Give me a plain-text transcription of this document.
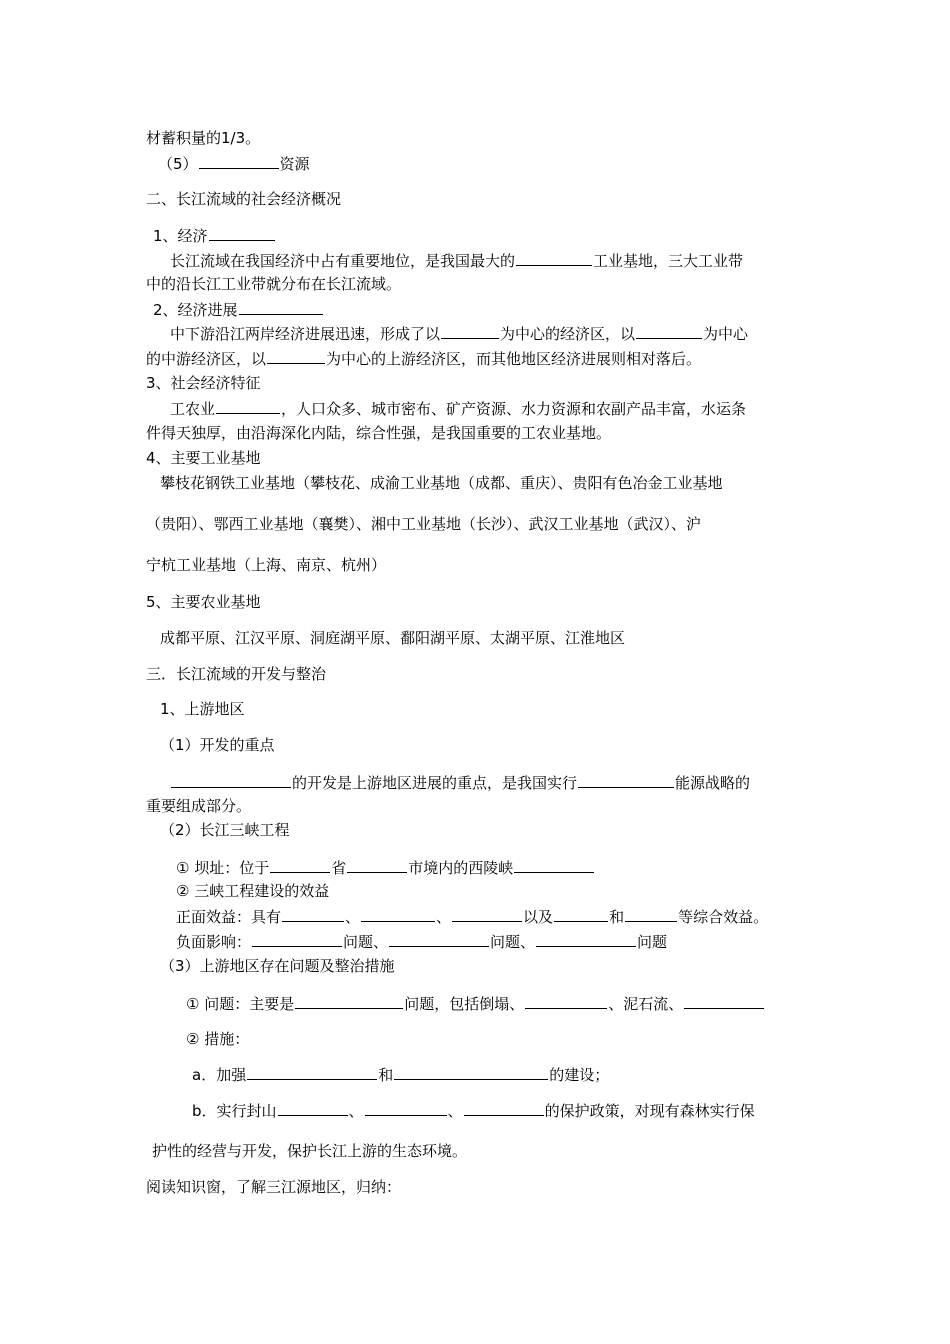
材蓄积量的1/3。
（5）	资源
二、长江流域的社会经济概况
1、经济
长江流域在我国经济中占有重要地位，是我国最大的	工业基地，三大工业带
中的沿长江工业带就分布在长江流域。
2、经济进展
中下游沿江两岸经济进展迅速，形成了以	为中心的经济区，以	为中心
的中游经济区，以	为中心的上游经济区，而其他地区经济进展则相对落后。
3、社会经济特征
工农业	，人口众多、城市密布、矿产资源、水力资源和农副产品丰富，水运条
件得天独厚，由沿海深化内陆，综合性强，是我国重要的工农业基地。
4、主要工业基地
攀枝花钢铁工业基地（攀枝花、成渝工业基地（成都、重庆）、贵阳有色冶金工业基地
（贵阳）、鄂西工业基地（襄樊）、湘中工业基地（长沙）、武汉工业基地（武汉）、沪
宁杭工业基地（上海、南京、杭州）
5、主要农业基地
成都平原、江汉平原、洞庭湖平原、鄱阳湖平原、太湖平原、江淮地区
三．长江流域的开发与整治
1、上游地区
（1）开发的重点
的开发是上游地区进展的重点，是我国实行	能源战略的
重要组成部分。
（2）长江三峡工程
① 坝址：位于	省	市境内的西陵峡
② 三峡工程建设的效益
正面效益：具有	、	、	以及	和	等综合效益。
负面影响：	问题、	问题、	问题
（3）上游地区存在问题及整治措施
① 问题：主要是	问题，包括倒塌、	、泥石流、
② 措施：
a．加强	和	的建设；
b．实行封山	、	、	的保护政策，对现有森林实行保
护性的经营与开发，保护长江上游的生态环境。
阅读知识窗，了解三江源地区，归纳：
